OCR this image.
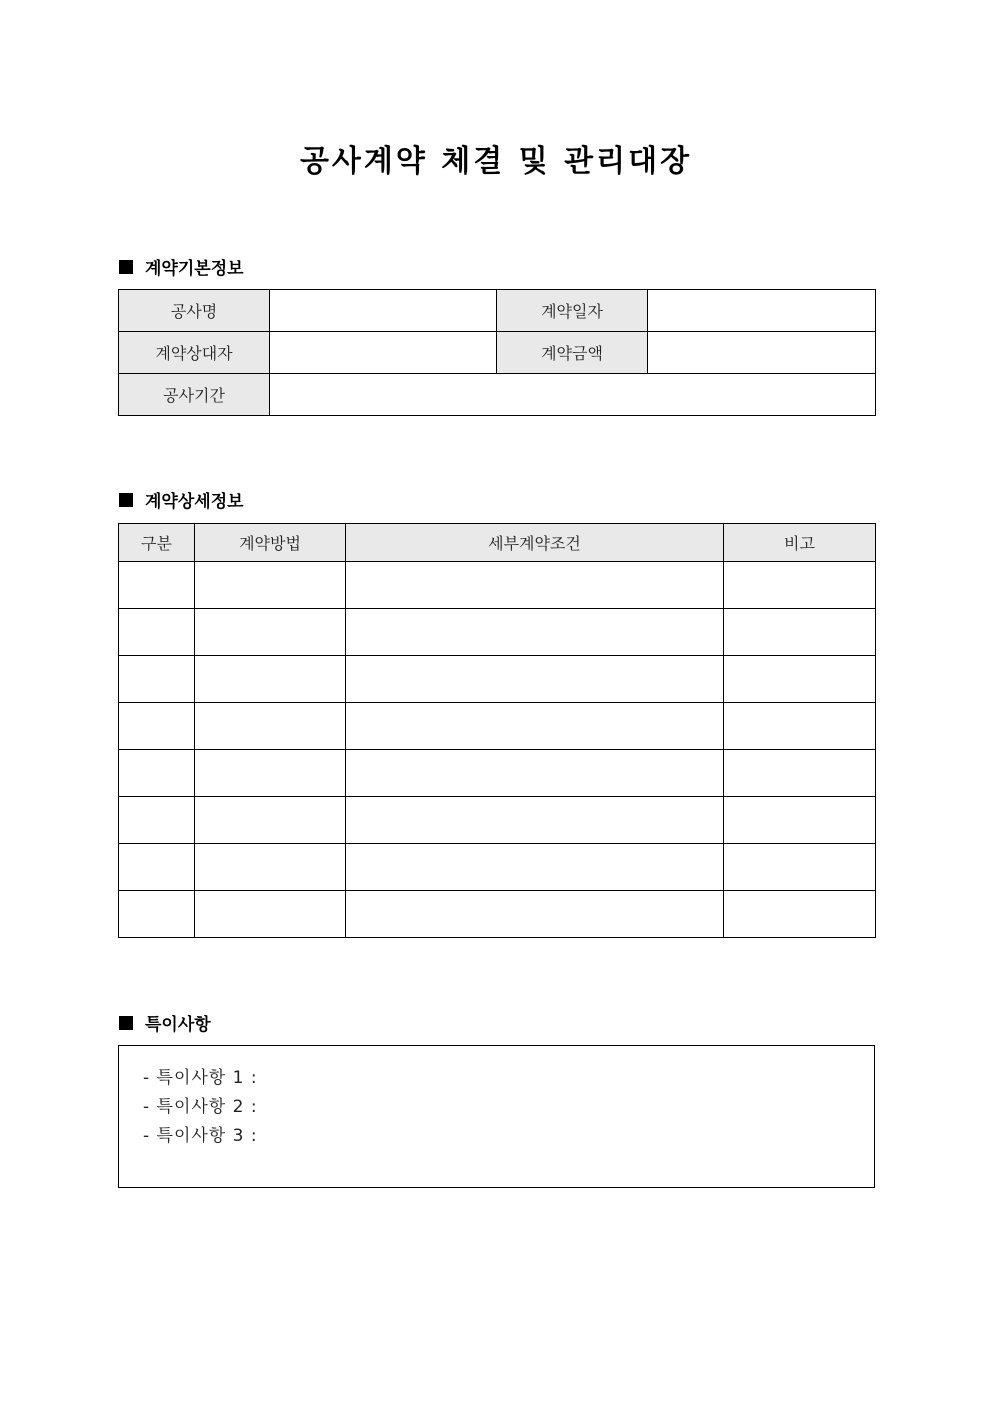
공사계약 체결 및 관리대장
계약기본정보
공사명		계약일자	
계약상대자		계약금액	
공사기간			
계약상세정보
구분	계약방법	세부계약조건	비고

특이사항
- 특이사항 1 :
- 특이사항 2 :
- 특이사항 3 :
